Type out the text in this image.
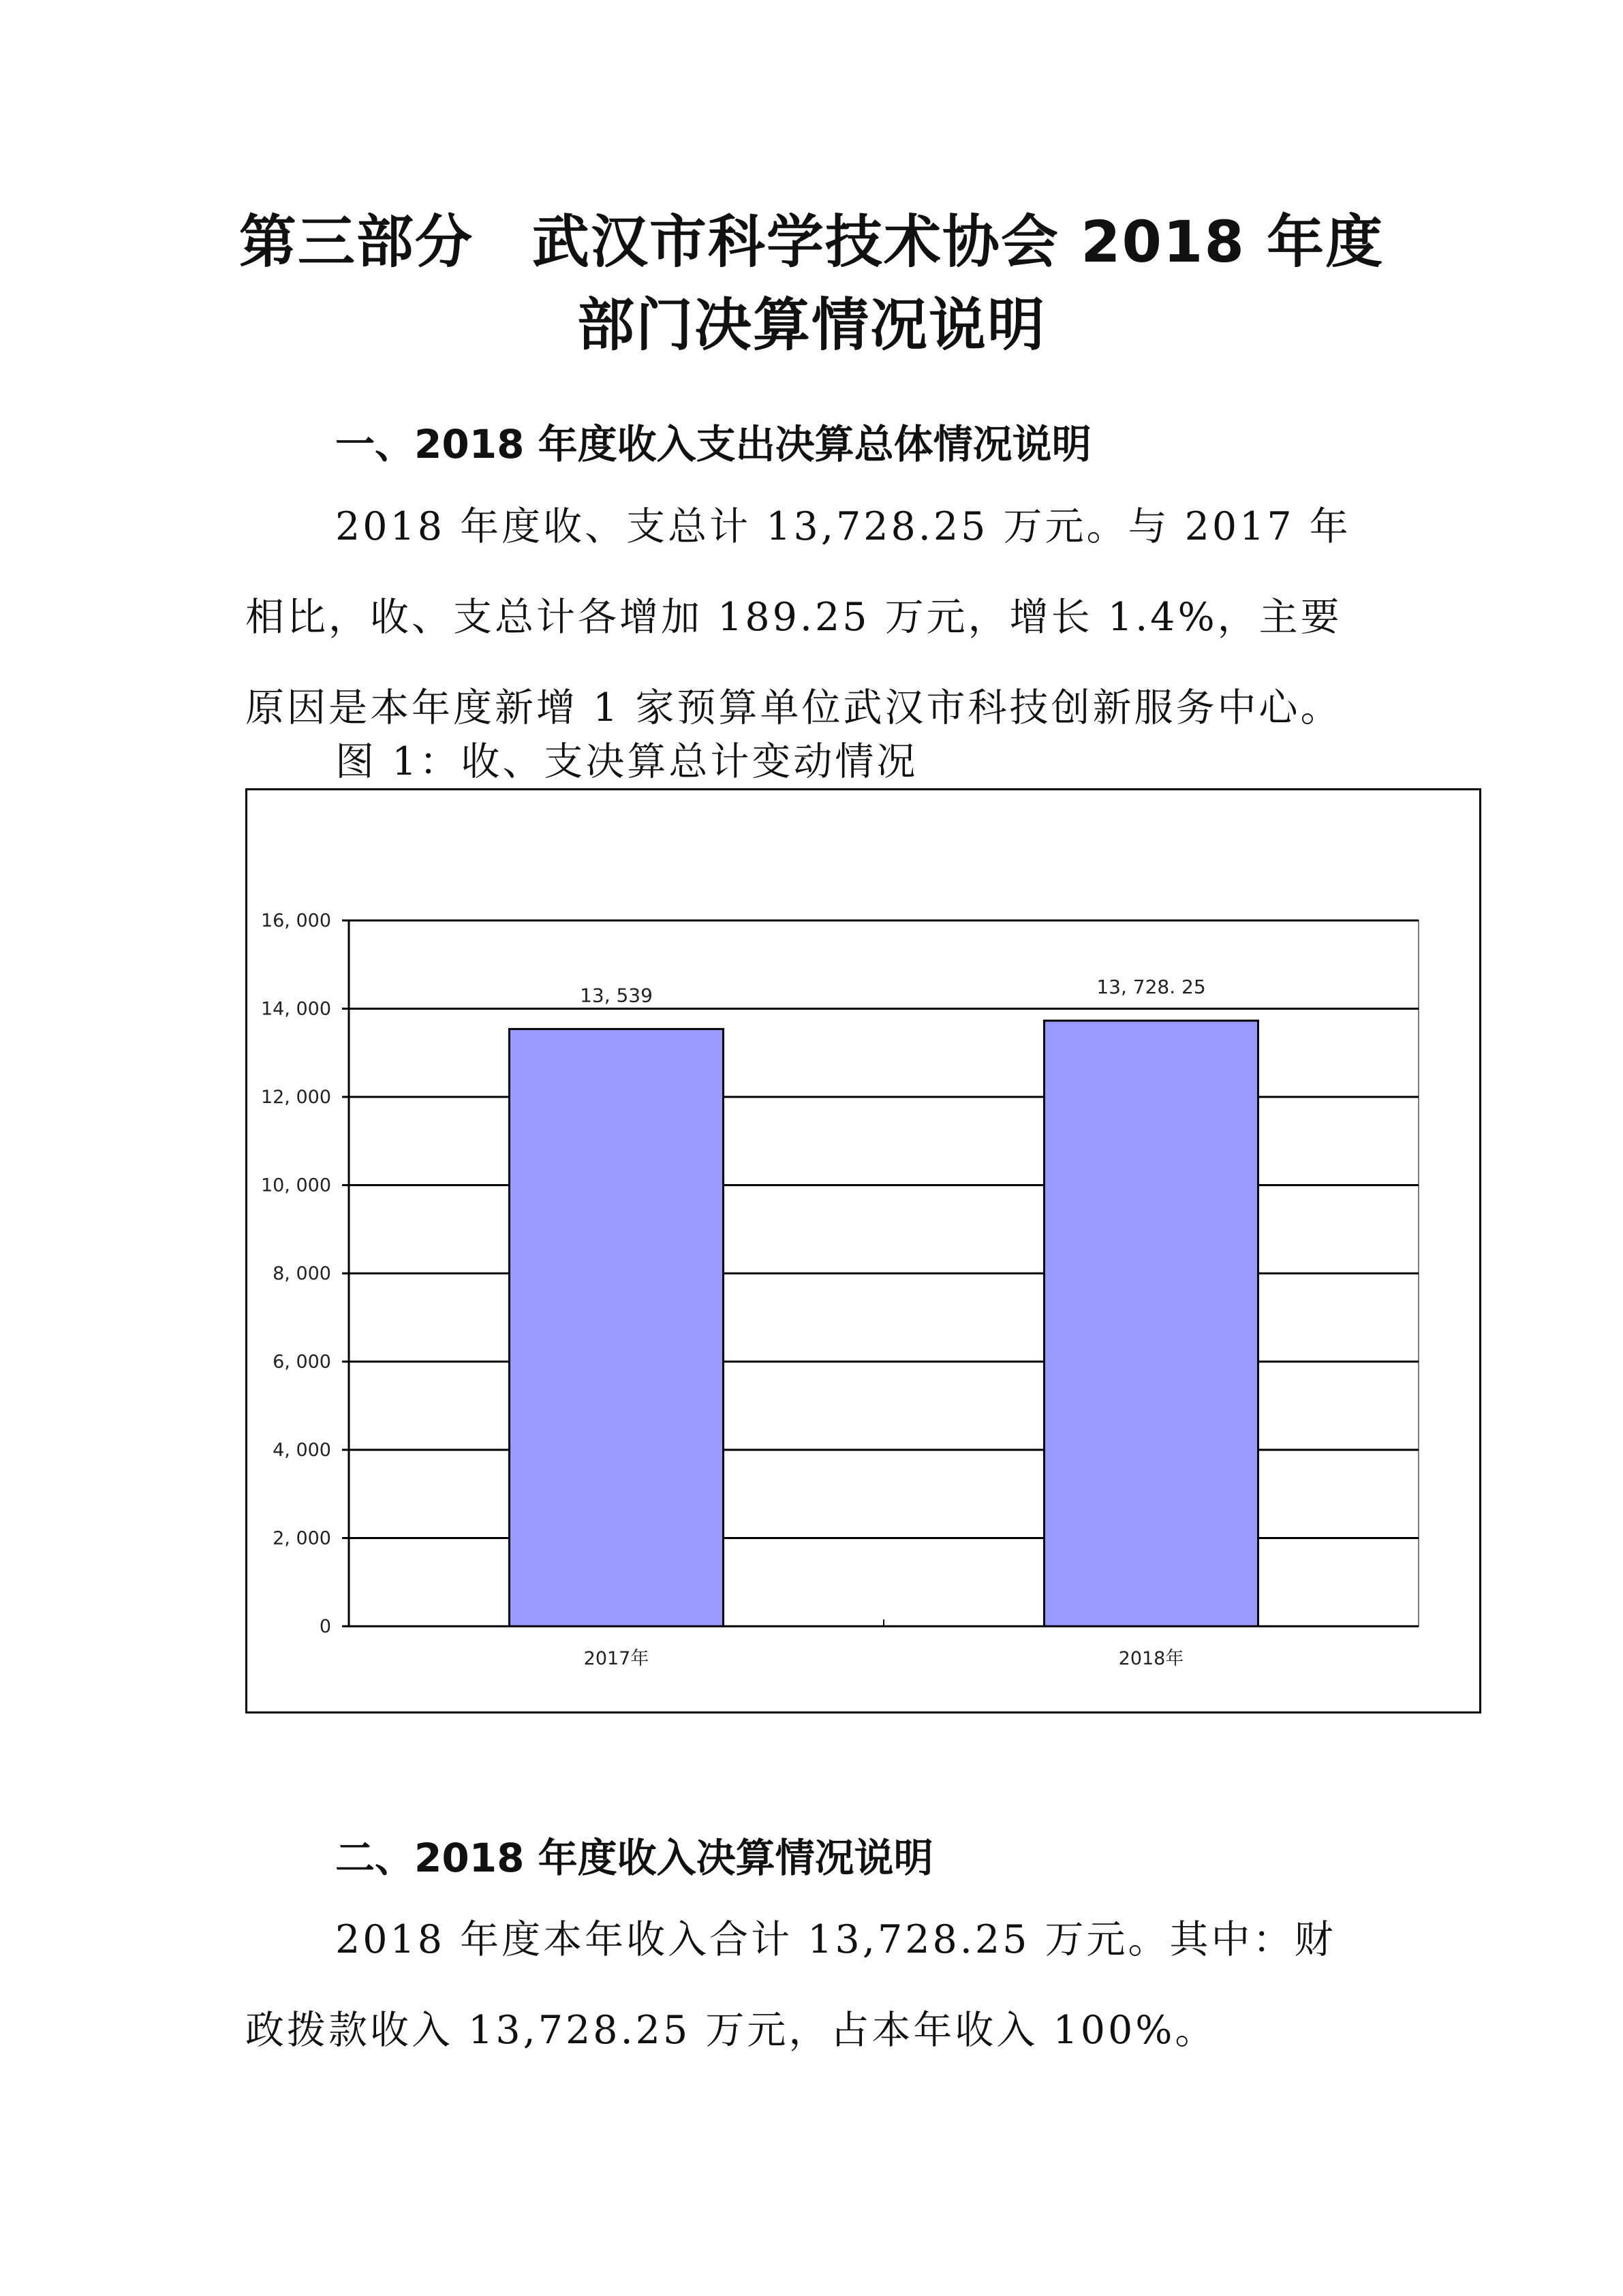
第三部分　武汉市科学技术协会 2018 年度
部门决算情况说明
一、2018 年度收入支出决算总体情况说明

2018 年度收、支总计 13,728.25 万元。与 2017 年相比，收、支总计各增加 189.25 万元，增长 1.4%，主要原因是本年度新增 1 家预算单位武汉市科技创新服务中心。

图 1：收、支决算总计变动情况

0
2, 000
4, 000
6, 000
8, 000
10, 000
12, 000
14, 000
16, 000
13, 539
2017年
13, 728. 25
2018年
二、2018 年度收入决算情况说明

2018 年度本年收入合计 13,728.25 万元。其中：财政拨款收入 13,728.25 万元，占本年收入 100%。
